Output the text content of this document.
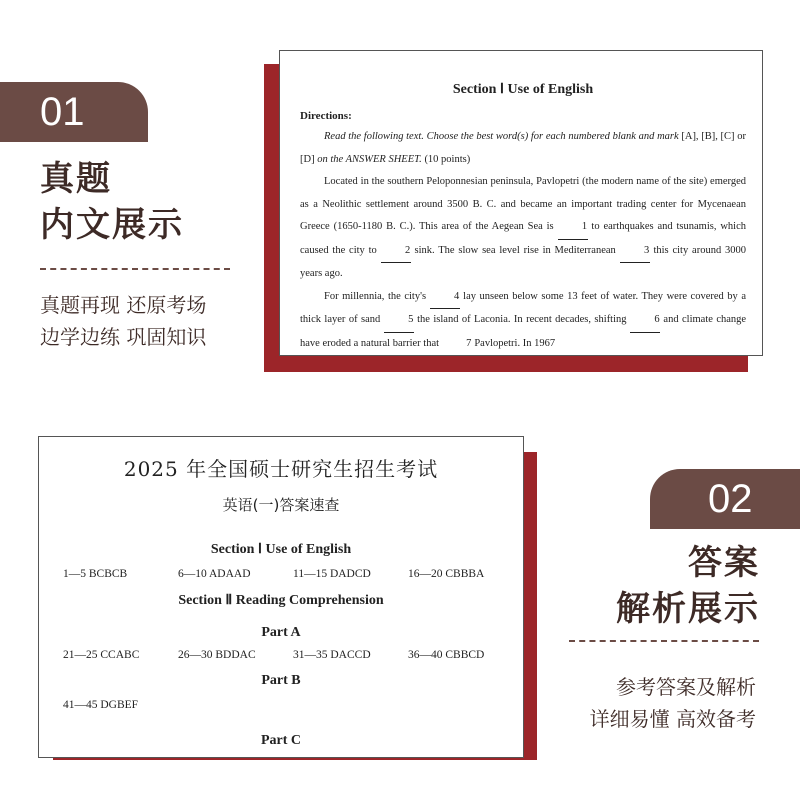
01
真题
内文展示
真题再现 还原考场
边学边练 巩固知识
Section Ⅰ Use of English
Directions:

Read the following text. Choose the best word(s) for each numbered blank and mark [A], [B], [C] or [D] on the ANSWER SHEET. (10 points)

Located in the southern Peloponnesian peninsula, Pavlopetri (the modern name of the site) emerged as a Neolithic settlement around 3500 B. C. and became an important trading center for Mycenaean Greece (1650-1180 B. C.). This area of the Aegean Sea is	1 to earthquakes and tsunamis, which caused the city to	2 sink. The slow sea level rise in Mediterranean	3 this city around 3000 years ago.

For millennia, the city's	4 lay unseen below some 13 feet of water. They were covered by a thick layer of sand	5 the island of Laconia. In recent decades, shifting	6 and climate change have eroded a natural barrier that	7 Pavlopetri. In 1967

2025 年全国硕士研究生招生考试
英语(一)答案速查
Section Ⅰ Use of English
1—5 BCBCB	6—10 ADAAD	11—15 DADCD	16—20 CBBBA
Section Ⅱ Reading Comprehension
Part A
21—25 CCABC	26—30 BDDAC	31—35 DACCD	36—40 CBBCD
Part B
41—45 DGBEF
Part C
02
答案
解析展示
参考答案及解析
详细易懂 高效备考
